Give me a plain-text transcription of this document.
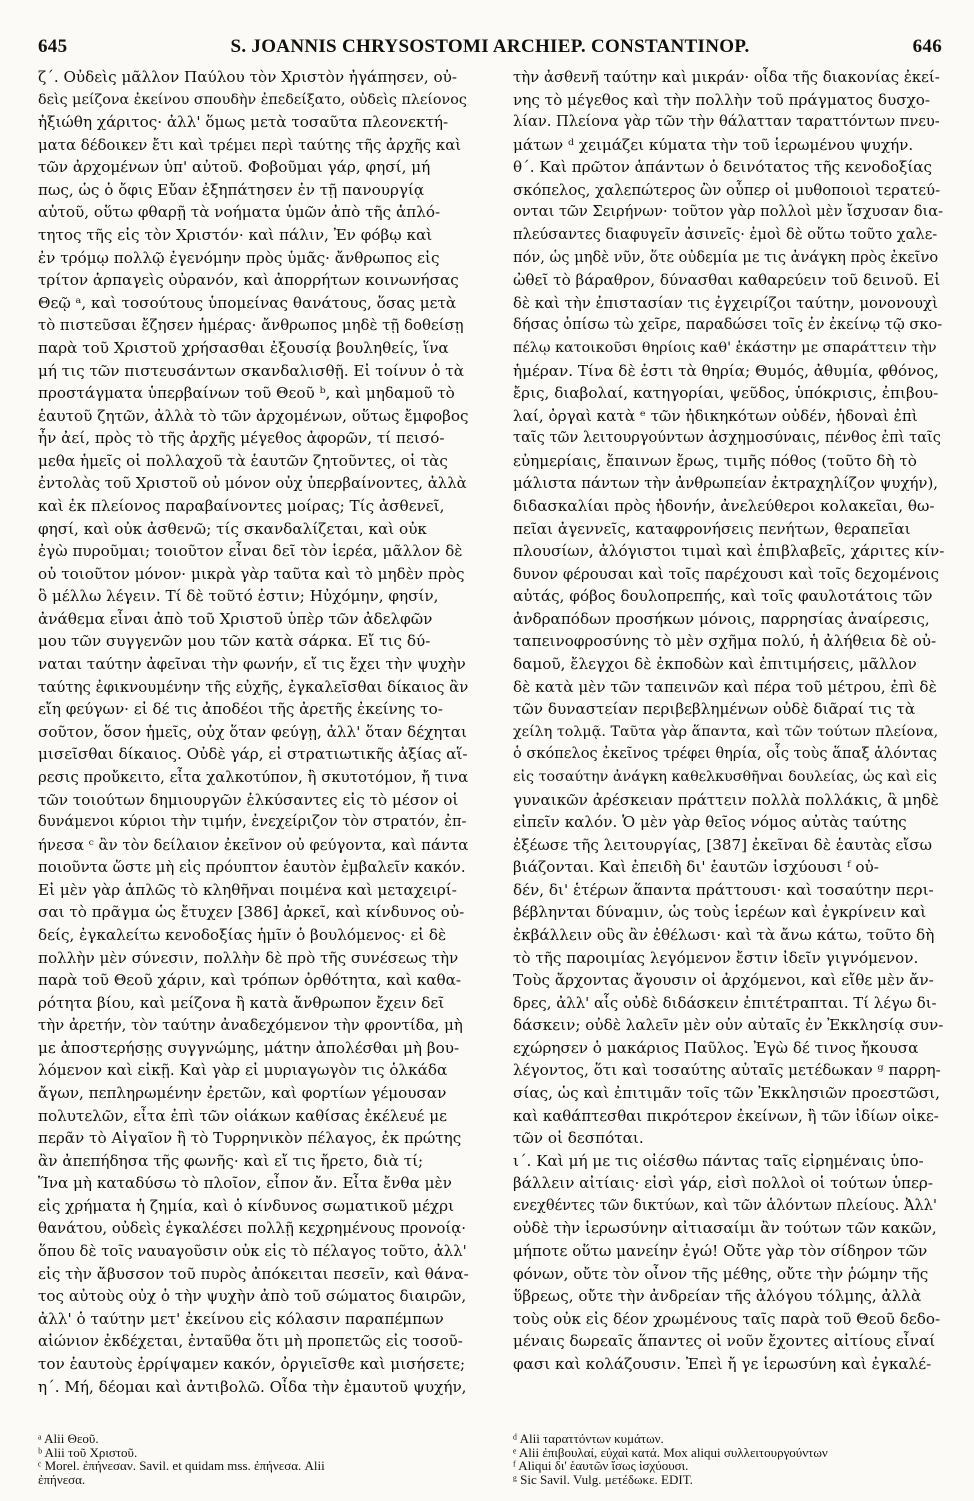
645	S. JOANNIS CHRYSOSTOMI ARCHIEP. CONSTANTINOP.	646
ζ΄. Οὐδεὶς μᾶλλον Παύλου τὸν Χριστὸν ἠγάπησεν, οὐ-
δεὶς μείζονα ἐκείνου σπουδὴν ἐπεδείξατο, οὐδεὶς πλείονος
ἠξιώθη χάριτος· ἀλλ' ὅμως μετὰ τοσαῦτα πλεονεκτή-
ματα δέδοικεν ἔτι καὶ τρέμει περὶ ταύτης τῆς ἀρχῆς καὶ
τῶν ἀρχομένων ὑπ' αὐτοῦ. Φοβοῦμαι γάρ, φησί, μή
πως, ὡς ὁ ὄφις Εὔαν ἐξηπάτησεν ἐν τῇ πανουργίᾳ
αὐτοῦ, οὕτω φθαρῇ τὰ νοήματα ὑμῶν ἀπὸ τῆς ἁπλό-
τητος τῆς εἰς τὸν Χριστόν· καὶ πάλιν, Ἐν φόβῳ καὶ
ἐν τρόμῳ πολλῷ ἐγενόμην πρὸς ὑμᾶς· ἄνθρωπος εἰς
τρίτον ἁρπαγεὶς οὐρανόν, καὶ ἀπορρήτων κοινωνήσας
Θεῷ ᵃ, καὶ τοσούτους ὑπομείνας θανάτους, ὅσας μετὰ
τὸ πιστεῦσαι ἔζησεν ἡμέρας· ἄνθρωπος μηδὲ τῇ δοθείσῃ
παρὰ τοῦ Χριστοῦ χρήσασθαι ἐξουσίᾳ βουληθείς, ἵνα
μή τις τῶν πιστευσάντων σκανδαλισθῇ. Εἰ τοίνυν ὁ τὰ
προστάγματα ὑπερβαίνων τοῦ Θεοῦ ᵇ, καὶ μηδαμοῦ τὸ
ἑαυτοῦ ζητῶν, ἀλλὰ τὸ τῶν ἀρχομένων, οὕτως ἔμφοβος
ἦν ἀεί, πρὸς τὸ τῆς ἀρχῆς μέγεθος ἀφορῶν, τί πεισό-
μεθα ἡμεῖς οἱ πολλαχοῦ τὰ ἑαυτῶν ζητοῦντες, οἱ τὰς
ἐντολὰς τοῦ Χριστοῦ οὐ μόνον οὐχ ὑπερβαίνοντες, ἀλλὰ
καὶ ἐκ πλείονος παραβαίνοντες μοίρας; Τίς ἀσθενεῖ,
φησί, καὶ οὐκ ἀσθενῶ; τίς σκανδαλίζεται, καὶ οὐκ
ἐγὼ πυροῦμαι; τοιοῦτον εἶναι δεῖ τὸν ἱερέα, μᾶλλον δὲ
οὐ τοιοῦτον μόνον· μικρὰ γὰρ ταῦτα καὶ τὸ μηδὲν πρὸς
ὃ μέλλω λέγειν. Τί δὲ τοῦτό ἐστιν; Ηὐχόμην, φησίν,
ἀνάθεμα εἶναι ἀπὸ τοῦ Χριστοῦ ὑπὲρ τῶν ἀδελφῶν
μου τῶν συγγενῶν μου τῶν κατὰ σάρκα. Εἴ τις δύ-
ναται ταύτην ἀφεῖναι τὴν φωνήν, εἴ τις ἔχει τὴν ψυχὴν
ταύτης ἐφικνουμένην τῆς εὐχῆς, ἐγκαλεῖσθαι δίκαιος ἂν
εἴη φεύγων· εἰ δέ τις ἀποδέοι τῆς ἀρετῆς ἐκείνης το-
σοῦτον, ὅσον ἡμεῖς, οὐχ ὅταν φεύγῃ, ἀλλ' ὅταν δέχηται
μισεῖσθαι δίκαιος. Οὐδὲ γάρ, εἰ στρατιωτικῆς ἀξίας αἵ-
ρεσις προὔκειτο, εἶτα χαλκοτύπον, ἢ σκυτοτόμον, ἤ τινα
τῶν τοιούτων δημιουργῶν ἑλκύσαντες εἰς τὸ μέσον οἱ
δυνάμενοι κύριοι τὴν τιμήν, ἐνεχείριζον τὸν στρατόν, ἐπ-
ήνεσα ᶜ ἂν τὸν δείλαιον ἐκεῖνον οὐ φεύγοντα, καὶ πάντα
ποιοῦντα ὥστε μὴ εἰς πρόυπτον ἑαυτὸν ἐμβαλεῖν κακόν.
Εἰ μὲν γὰρ ἁπλῶς τὸ κληθῆναι ποιμένα καὶ μεταχειρί-
σαι τὸ πρᾶγμα ὡς ἔτυχεν [386] ἀρκεῖ, καὶ κίνδυνος οὐ-
δείς, ἐγκαλείτω κενοδοξίας ἡμῖν ὁ βουλόμενος· εἰ δὲ
πολλὴν μὲν σύνεσιν, πολλὴν δὲ πρὸ τῆς συνέσεως τὴν
παρὰ τοῦ Θεοῦ χάριν, καὶ τρόπων ὀρθότητα, καὶ καθα-
ρότητα βίου, καὶ μείζονα ἢ κατὰ ἄνθρωπον ἔχειν δεῖ
τὴν ἀρετήν, τὸν ταύτην ἀναδεχόμενον τὴν φροντίδα, μὴ
με ἀποστερήσῃς συγγνώμης, μάτην ἀπολέσθαι μὴ βου-
λόμενον καὶ εἰκῇ. Καὶ γὰρ εἰ μυριαγωγὸν τις ὁλκάδα
ἄγων, πεπληρωμένην ἐρετῶν, καὶ φορτίων γέμουσαν
πολυτελῶν, εἶτα ἐπὶ τῶν οἰάκων καθίσας ἐκέλευέ με
περᾶν τὸ Αἰγαῖον ἢ τὸ Τυρρηνικὸν πέλαγος, ἐκ πρώτης
ἂν ἀπεπήδησα τῆς φωνῆς· καὶ εἴ τις ἤρετο, διὰ τί;
Ἵνα μὴ καταδύσω τὸ πλοῖον, εἶπον ἄν. Εἶτα ἔνθα μὲν
εἰς χρήματα ἡ ζημία, καὶ ὁ κίνδυνος σωματικοῦ μέχρι
θανάτου, οὐδεὶς ἐγκαλέσει πολλῇ κεχρημένους προνοίᾳ·
ὅπου δὲ τοῖς ναυαγοῦσιν οὐκ εἰς τὸ πέλαγος τοῦτο, ἀλλ'
εἰς τὴν ἄβυσσον τοῦ πυρὸς ἀπόκειται πεσεῖν, καὶ θάνα-
τος αὐτοὺς οὐχ ὁ τὴν ψυχὴν ἀπὸ τοῦ σώματος διαιρῶν,
ἀλλ' ὁ ταύτην μετ' ἐκείνου εἰς κόλασιν παραπέμπων
αἰώνιον ἐκδέχεται, ἐνταῦθα ὅτι μὴ προπετῶς εἰς τοσοῦ-
τον ἑαυτοὺς ἐρρίψαμεν κακόν, ὀργιεῖσθε καὶ μισήσετε;
η΄. Μή, δέομαι καὶ ἀντιβολῶ. Οἶδα τὴν ἐμαυτοῦ ψυχήν,
τὴν ἀσθενῆ ταύτην καὶ μικράν· οἶδα τῆς διακονίας ἐκεί-
νης τὸ μέγεθος καὶ τὴν πολλὴν τοῦ πράγματος δυσχο-
λίαν. Πλείονα γὰρ τῶν τὴν θάλατταν ταραττόντων πνευ-
μάτων ᵈ χειμάζει κύματα τὴν τοῦ ἱερωμένου ψυχήν.
θ΄. Καὶ πρῶτον ἁπάντων ὁ δεινότατος τῆς κενοδοξίας
σκόπελος, χαλεπώτερος ὢν οὗπερ οἱ μυθοποιοὶ τερατεύ-
ονται τῶν Σειρήνων· τοῦτον γὰρ πολλοὶ μὲν ἴσχυσαν δια-
πλεύσαντες διαφυγεῖν ἀσινεῖς· ἐμοὶ δὲ οὕτω τοῦτο χαλε-
πόν, ὡς μηδὲ νῦν, ὅτε οὐδεμία με τις ἀνάγκη πρὸς ἐκεῖνο
ὠθεῖ τὸ βάραθρον, δύνασθαι καθαρεύειν τοῦ δεινοῦ. Εἰ
δὲ καὶ τὴν ἐπιστασίαν τις ἐγχειρίζοι ταύτην, μονονουχὶ
δήσας ὀπίσω τὼ χεῖρε, παραδώσει τοῖς ἐν ἐκείνῳ τῷ σκο-
πέλῳ κατοικοῦσι θηρίοις καθ' ἑκάστην με σπαράττειν τὴν
ἡμέραν. Τίνα δὲ ἐστι τὰ θηρία; Θυμός, ἀθυμία, φθόνος,
ἔρις, διαβολαί, κατηγορίαι, ψεῦδος, ὑπόκρισις, ἐπιβου-
λαί, ὀργαὶ κατὰ ᵉ τῶν ἠδικηκότων οὐδέν, ἡδοναὶ ἐπὶ
ταῖς τῶν λειτουργούντων ἀσχημοσύναις, πένθος ἐπὶ ταῖς
εὐημερίαις, ἔπαινων ἔρως, τιμῆς πόθος (τοῦτο δὴ τὸ
μάλιστα πάντων τὴν ἀνθρωπείαν ἐκτραχηλίζον ψυχήν),
διδασκαλίαι πρὸς ἡδονήν, ἀνελεύθεροι κολακεῖαι, θω-
πεῖαι ἀγεννεῖς, καταφρονήσεις πενήτων, θεραπεῖαι
πλουσίων, ἀλόγιστοι τιμαὶ καὶ ἐπιβλαβεῖς, χάριτες κίν-
δυνον φέρουσαι καὶ τοῖς παρέχουσι καὶ τοῖς δεχομένοις
αὐτάς, φόβος δουλοπρεπής, καὶ τοῖς φαυλοτάτοις τῶν
ἀνδραπόδων προσήκων μόνοις, παρρησίας ἀναίρεσις,
ταπεινοφροσύνης τὸ μὲν σχῆμα πολύ, ἡ ἀλήθεια δὲ οὐ-
δαμοῦ, ἔλεγχοι δὲ ἐκποδὼν καὶ ἐπιτιμήσεις, μᾶλλον
δὲ κατὰ μὲν τῶν ταπεινῶν καὶ πέρα τοῦ μέτρου, ἐπὶ δὲ
τῶν δυναστείαν περιβεβλημένων οὐδὲ διᾶραί τις τὰ
χείλη τολμᾷ. Ταῦτα γὰρ ἅπαντα, καὶ τῶν τούτων πλείονα,
ὁ σκόπελος ἐκεῖνος τρέφει θηρία, οἷς τοὺς ἅπαξ ἁλόντας
εἰς τοσαύτην ἀνάγκη καθελκυσθῆναι δουλείας, ὡς καὶ εἰς
γυναικῶν ἀρέσκειαν πράττειν πολλὰ πολλάκις, ἃ μηδὲ
εἰπεῖν καλόν. Ὁ μὲν γὰρ θεῖος νόμος αὐτὰς ταύτης
ἐξέωσε τῆς λειτουργίας, [387] ἐκεῖναι δὲ ἑαυτὰς εἴσω
βιάζονται. Καὶ ἐπειδὴ δι' ἑαυτῶν ἰσχύουσι ᶠ οὐ-
δέν, δι' ἑτέρων ἅπαντα πράττουσι· καὶ τοσαύτην περι-
βέβληνται δύναμιν, ὡς τοὺς ἱερέων καὶ ἐγκρίνειν καὶ
ἐκβάλλειν οὓς ἂν ἐθέλωσι· καὶ τὰ ἄνω κάτω, τοῦτο δὴ
τὸ τῆς παροιμίας λεγόμενον ἔστιν ἰδεῖν γιγνόμενον.
Τοὺς ἄρχοντας ἄγουσιν οἱ ἀρχόμενοι, καὶ εἴθε μὲν ἄν-
δρες, ἀλλ' αἷς οὐδὲ διδάσκειν ἐπιτέτραπται. Τί λέγω δι-
δάσκειν; οὐδὲ λαλεῖν μὲν οὐν αὐταῖς ἐν Ἐκκλησίᾳ συν-
εχώρησεν ὁ μακάριος Παῦλος. Ἐγὼ δέ τινος ἤκουσα
λέγοντος, ὅτι καὶ τοσαύτης αὐταῖς μετέδωκαν ᵍ παρρη-
σίας, ὡς καὶ ἐπιτιμᾶν τοῖς τῶν Ἐκκλησιῶν προεστῶσι,
καὶ καθάπτεσθαι πικρότερον ἐκείνων, ἢ τῶν ἰδίων οἰκε-
τῶν οἱ δεσπόται.
ι΄. Καὶ μή με τις οἰέσθω πάντας ταῖς εἰρημέναις ὑπο-
βάλλειν αἰτίαις· εἰσὶ γάρ, εἰσὶ πολλοὶ οἱ τούτων ὑπερ-
ενεχθέντες τῶν δικτύων, καὶ τῶν ἁλόντων πλείους. Ἀλλ'
οὐδὲ τὴν ἱερωσύνην αἰτιασαίμι ἂν τούτων τῶν κακῶν,
μήποτε οὕτω μανείην ἐγώ! Οὔτε γὰρ τὸν σίδηρον τῶν
φόνων, οὔτε τὸν οἶνον τῆς μέθης, οὔτε τὴν ῥώμην τῆς
ὕβρεως, οὔτε τὴν ἀνδρείαν τῆς ἀλόγου τόλμης, ἀλλὰ
τοὺς οὐκ εἰς δέον χρωμένους ταῖς παρὰ τοῦ Θεοῦ δεδο-
μέναις δωρεαῖς ἅπαντες οἱ νοῦν ἔχοντες αἰτίους εἶναί
φασι καὶ κολάζουσιν. Ἐπεὶ ἤ γε ἱερωσύνη καὶ ἐγκαλέ-
ᵃ Alii Θεοῦ.
ᵇ Alii τοῦ Χριστοῦ.
ᶜ Morel. ἐπήνεσαν. Savil. et quidam mss. ἐπήνεσα. Alii
ἐπήνεσα.
ᵈ Alii ταραττόντων κυμάτων.
ᵉ Alii ἐπιβουλαί, εὐχαὶ κατά. Mox aliqui συλλειτουργούντων
ᶠ Aliqui δι' ἑαυτῶν ἴσως ἰσχύουσι.
ᵍ Sic Savil. Vulg. μετέδωκε. EDIT.
